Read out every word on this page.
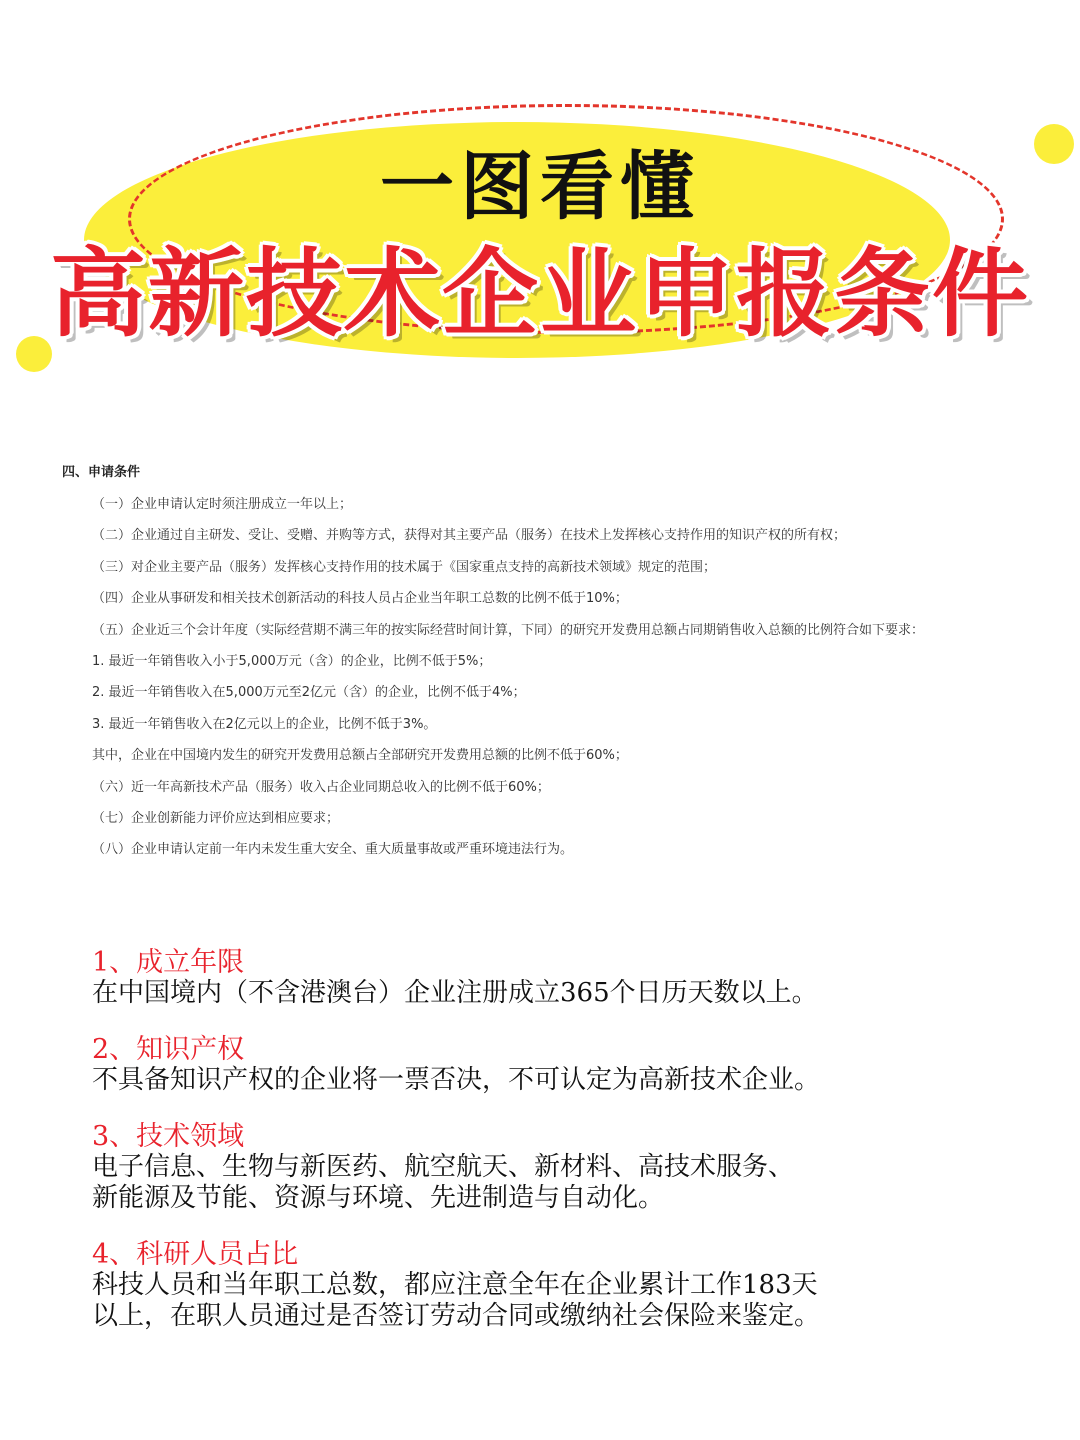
一图看懂
高新技术企业申报条件
四、申请条件
（一）企业申请认定时须注册成立一年以上；
（二）企业通过自主研发、受让、受赠、并购等方式，获得对其主要产品（服务）在技术上发挥核心支持作用的知识产权的所有权；
（三）对企业主要产品（服务）发挥核心支持作用的技术属于《国家重点支持的高新技术领域》规定的范围；
（四）企业从事研发和相关技术创新活动的科技人员占企业当年职工总数的比例不低于10%；
（五）企业近三个会计年度（实际经营期不满三年的按实际经营时间计算，下同）的研究开发费用总额占同期销售收入总额的比例符合如下要求：
1. 最近一年销售收入小于5,000万元（含）的企业，比例不低于5%；
2. 最近一年销售收入在5,000万元至2亿元（含）的企业，比例不低于4%；
3. 最近一年销售收入在2亿元以上的企业，比例不低于3%。
其中，企业在中国境内发生的研究开发费用总额占全部研究开发费用总额的比例不低于60%；
（六）近一年高新技术产品（服务）收入占企业同期总收入的比例不低于60%；
（七）企业创新能力评价应达到相应要求；
（八）企业申请认定前一年内未发生重大安全、重大质量事故或严重环境违法行为。
1、成立年限
在中国境内（不含港澳台）企业注册成立365个日历天数以上。
2、知识产权
不具备知识产权的企业将一票否决，不可认定为高新技术企业。
3、技术领域
电子信息、生物与新医药、航空航天、新材料、高技术服务、
新能源及节能、资源与环境、先进制造与自动化。
4、科研人员占比
科技人员和当年职工总数，都应注意全年在企业累计工作183天
以上，在职人员通过是否签订劳动合同或缴纳社会保险来鉴定。
